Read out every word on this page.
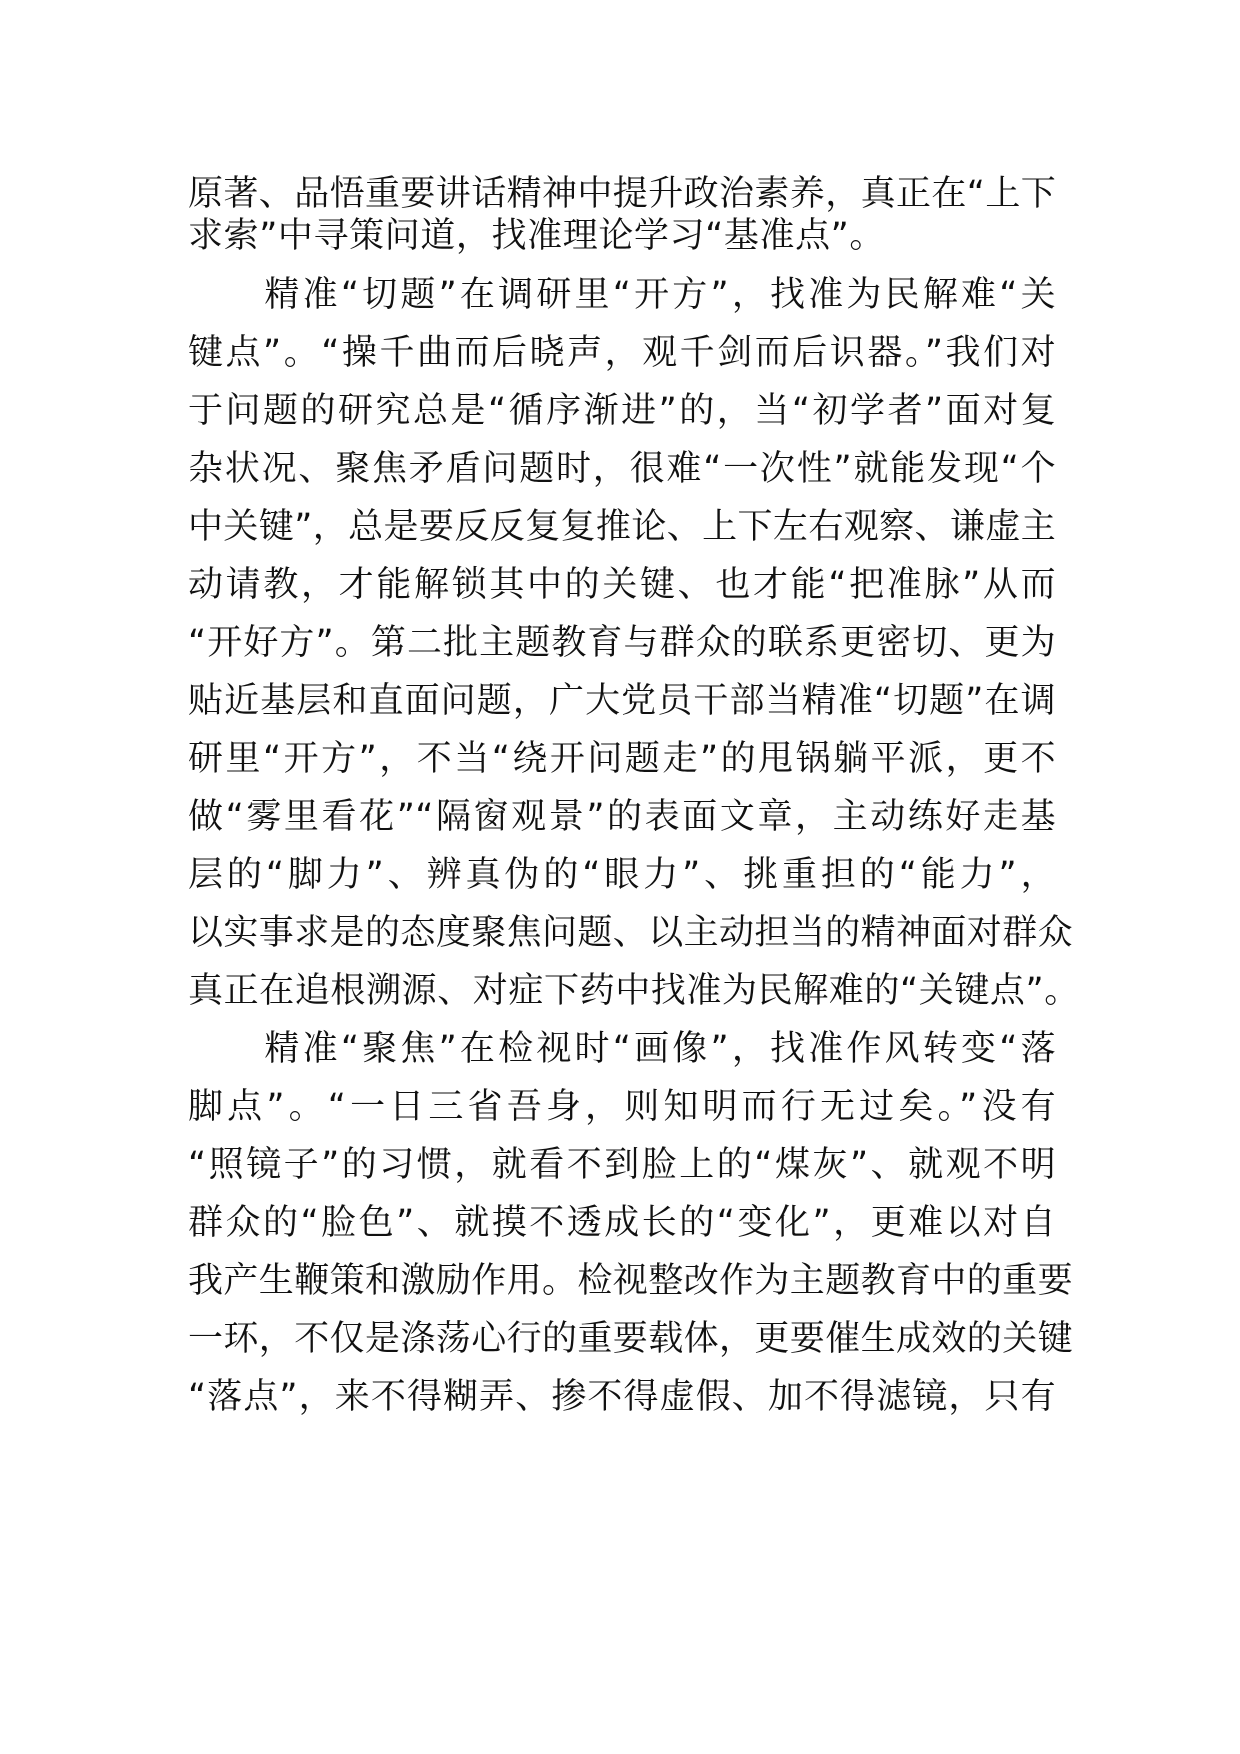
原著、品悟重要讲话精神中提升政治素养，真正在“上下
求索”中寻策问道，找准理论学习“基准点”。
　　精准“切题”在调研里“开方”，找准为民解难“关
键点”。“操千曲而后晓声，观千剑而后识器。”我们对
于问题的研究总是“循序渐进”的，当“初学者”面对复
杂状况、聚焦矛盾问题时，很难“一次性”就能发现“个
中关键”，总是要反反复复推论、上下左右观察、谦虚主
动请教，才能解锁其中的关键、也才能“把准脉”从而
“开好方”。第二批主题教育与群众的联系更密切、更为
贴近基层和直面问题，广大党员干部当精准“切题”在调
研里“开方”，不当“绕开问题走”的甩锅躺平派，更不
做“雾里看花”“隔窗观景”的表面文章，主动练好走基
层的“脚力”、辨真伪的“眼力”、挑重担的“能力”，
以实事求是的态度聚焦问题、以主动担当的精神面对群众
真正在追根溯源、对症下药中找准为民解难的“关键点”。
　　精准“聚焦”在检视时“画像”，找准作风转变“落
脚点”。“一日三省吾身，则知明而行无过矣。”没有
“照镜子”的习惯，就看不到脸上的“煤灰”、就观不明
群众的“脸色”、就摸不透成长的“变化”，更难以对自
我产生鞭策和激励作用。检视整改作为主题教育中的重要
一环，不仅是涤荡心行的重要载体，更要催生成效的关键
“落点”，来不得糊弄、掺不得虚假、加不得滤镜，只有
